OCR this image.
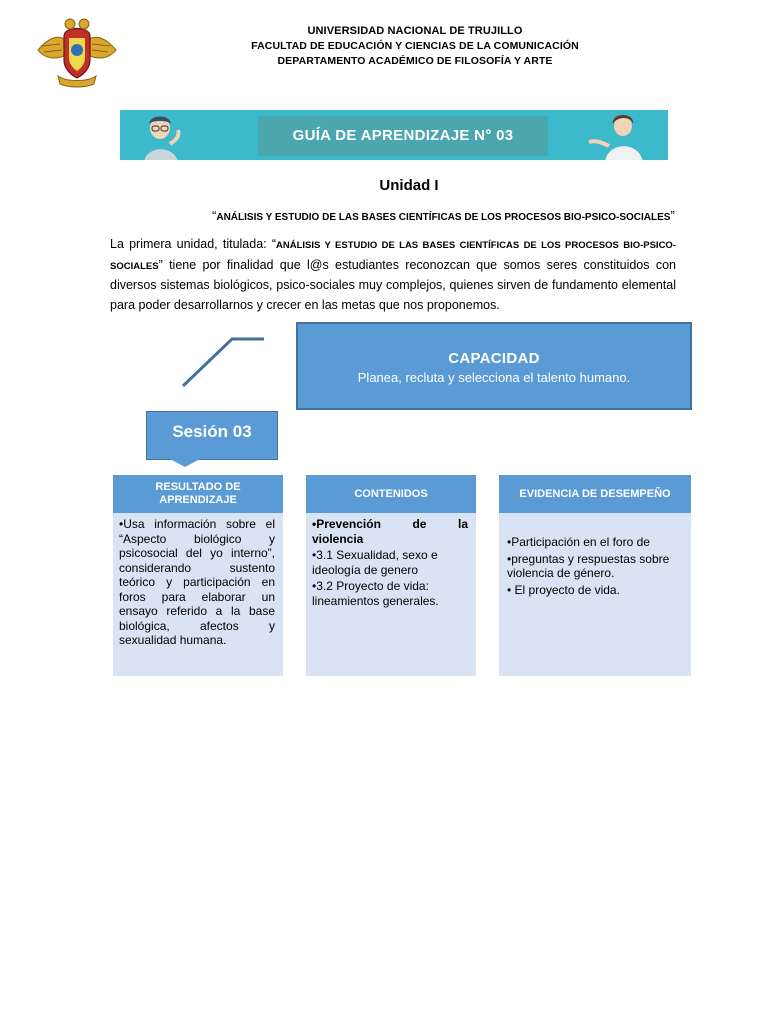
UNIVERSIDAD NACIONAL DE TRUJILLO
FACULTAD DE EDUCACIÓN Y CIENCIAS DE LA COMUNICACIÓN
DEPARTAMENTO ACADÉMICO DE FILOSOFÍA Y ARTE
GUÍA DE APRENDIZAJE N° 03
Unidad I
“ANÁLISIS Y ESTUDIO DE LAS BASES CIENTÍFICAS DE LOS PROCESOS BIO-PSICO-SOCIALES”
La primera unidad, titulada: “ANÁLISIS Y ESTUDIO DE LAS BASES CIENTÍFICAS DE LOS PROCESOS BIO-PSICO-SOCIALES” tiene por finalidad que l@s estudiantes reconozcan que somos seres constituidos con diversos sistemas biológicos, psico-sociales muy complejos, quienes sirven de fundamento elemental para poder desarrollarnos y crecer en las metas que nos proponemos.
CAPACIDAD
Planea, recluta y selecciona el talento humano.
Sesión 03
RESULTADO DE APRENDIZAJE
•Usa información sobre el “Aspecto biológico y psicosocial del yo interno”, considerando sustento teórico y participación en foros para elaborar un ensayo referido a la base biológica, afectos y sexualidad humana.
CONTENIDOS
•Prevención de la
violencia
•3.1 Sexualidad, sexo e ideología de genero
•3.2 Proyecto de vida: lineamientos generales.
EVIDENCIA DE DESEMPEÑO
•Participación en el foro de
•preguntas y respuestas sobre violencia de género.
• El proyecto de vida.
